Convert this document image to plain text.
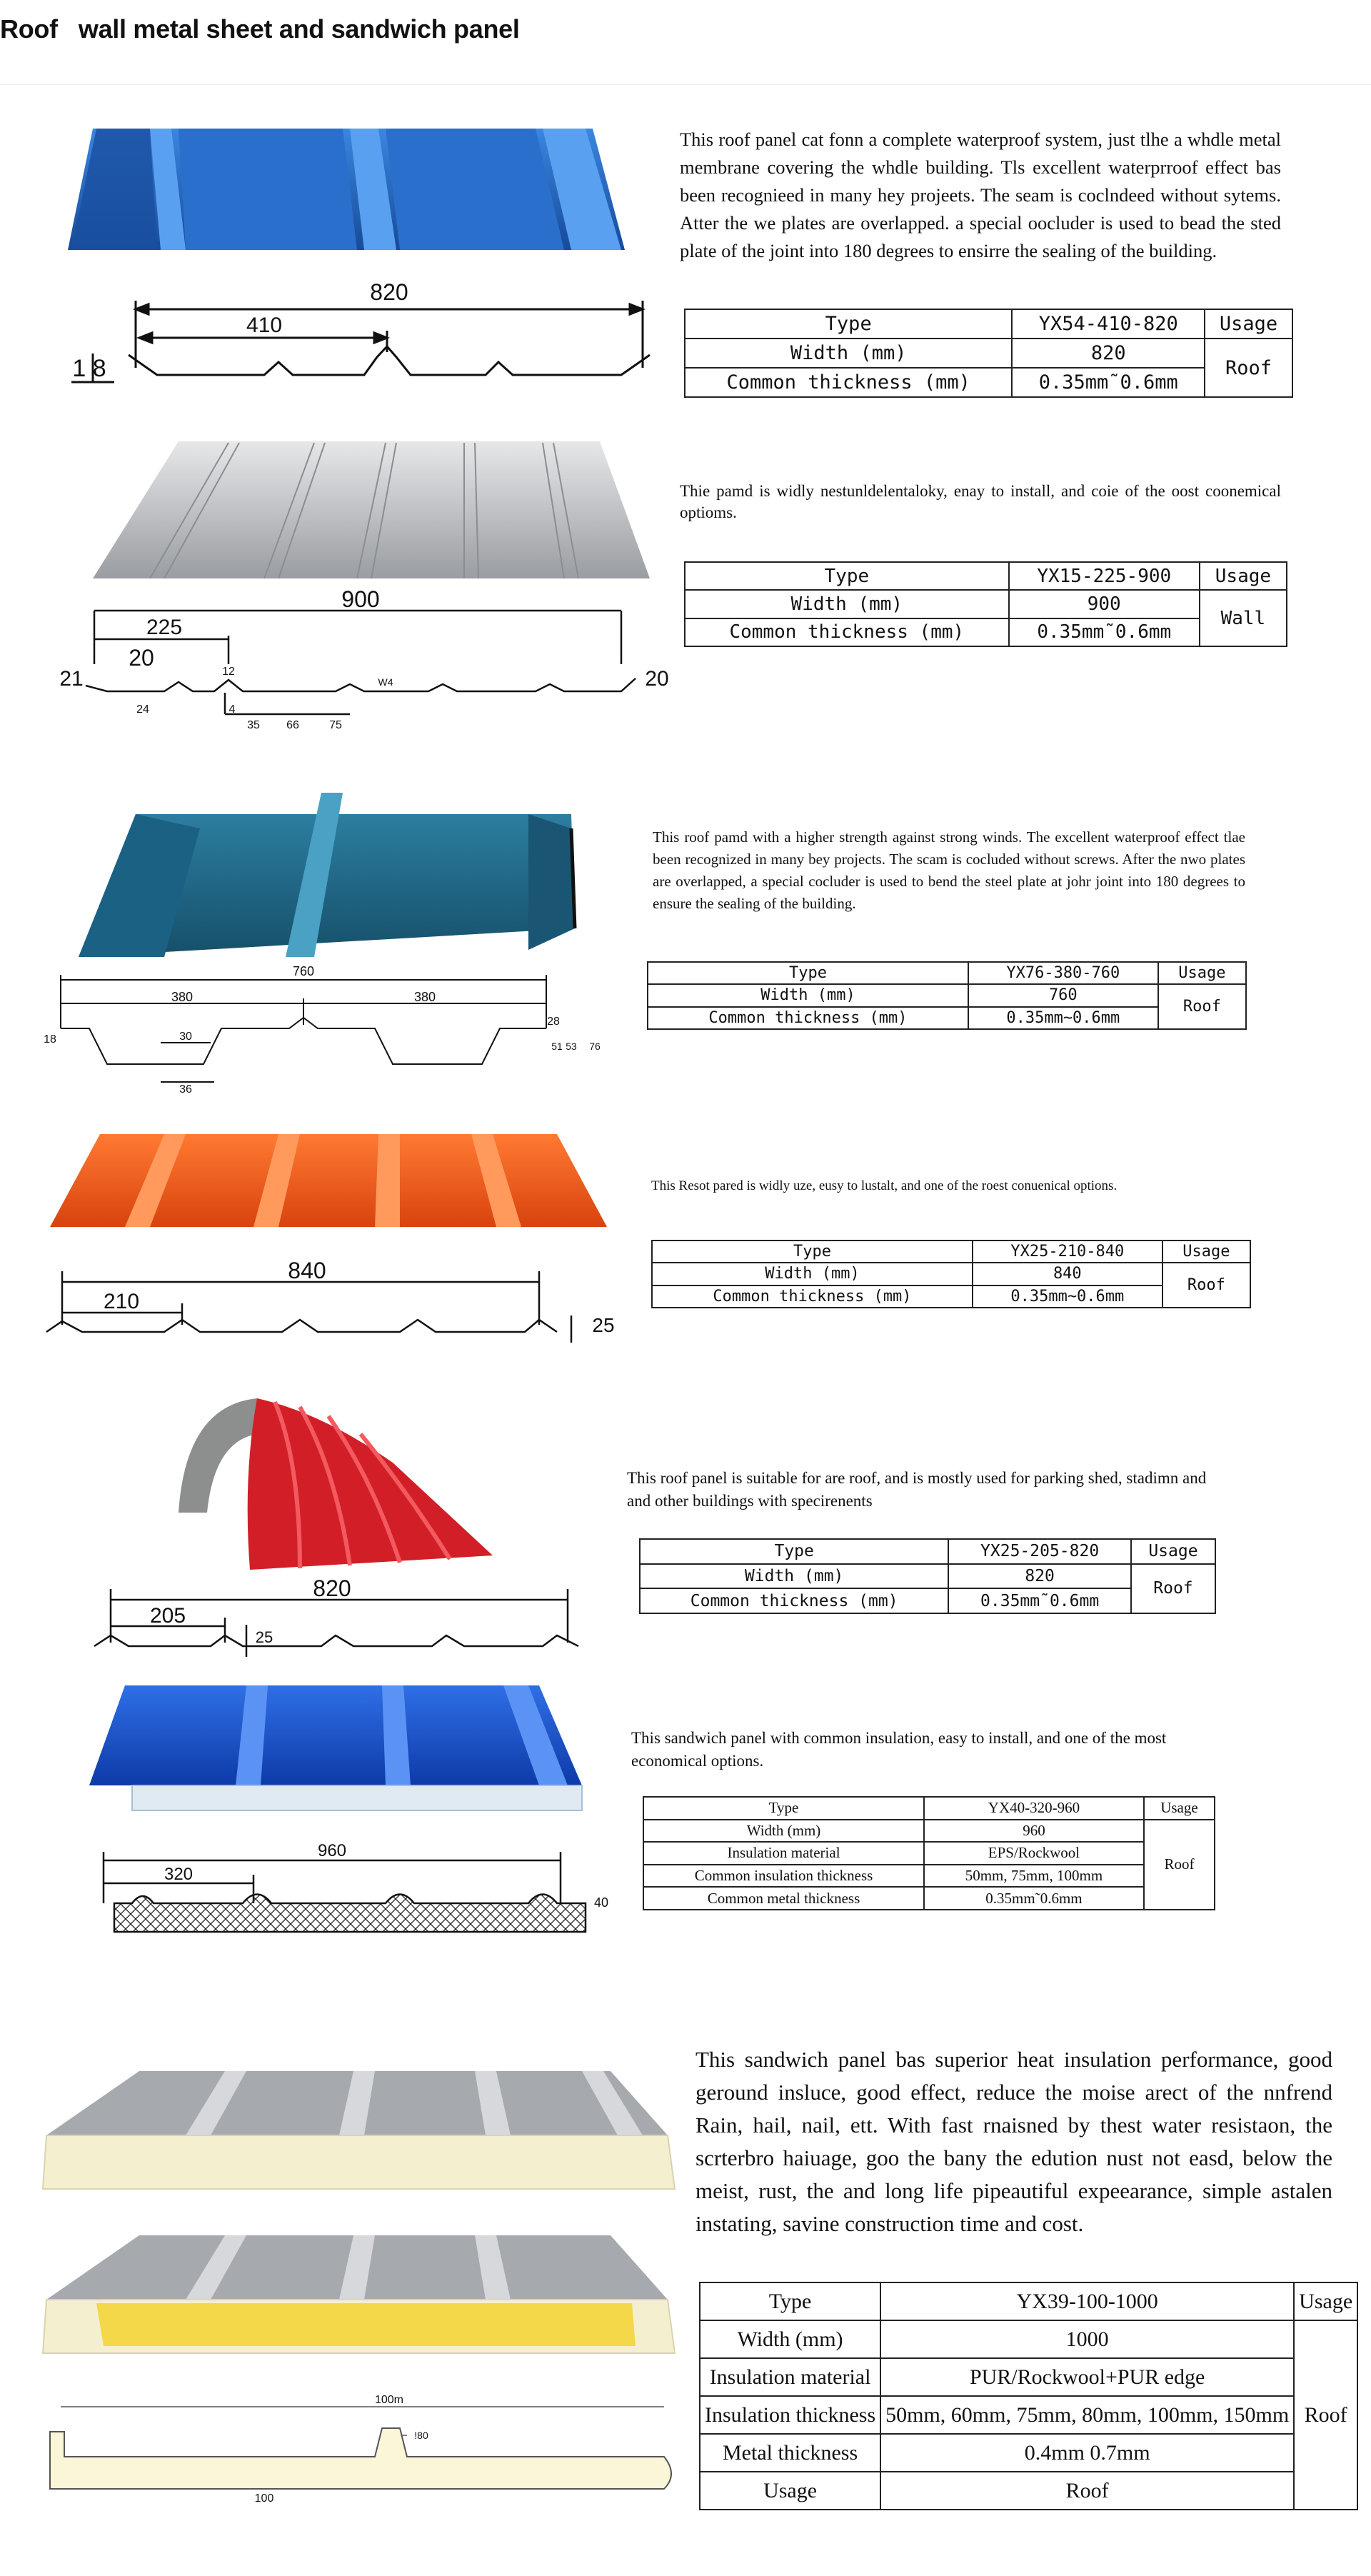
Roof   wall metal sheet and sandwich panel
820
410
1 8

This roof panel cat fonn a complete waterproof system, just tlhe a whdle metal membrane covering the whdle building. Tls excellent waterprroof effect bas been recognieed in many hey projeets. The seam is coclndeed without sytems. Atter the we plates are overlapped. a special oocluder is used to bead the sted plate of the joint into 180 degrees to ensirre the sealing of the building.

Type	YX54-410-820	Usage
Width (mm)	820	Roof
Common thickness (mm)	0.35mm˜0.6mm	
900
225
20
21	20
12
W4
24	4
35 66	75

Thie pamd is widly nestunldelentaloky, enay to install, and coie of the oost coonemical optioms.

Type	YX15-225-900	Usage
Width (mm)	900	Wall
Common thickness (mm)	0.35mm˜0.6mm	
760
380	380
30
36
28
18
51 53 76

This roof pamd with a higher strength against strong winds. The excellent waterproof effect tlae been recognized in many bey projects. The scam is cocluded without screws. After the nwo plates are overlapped, a special cocluder is used to bend the steel plate at johr joint into 180 degrees to ensure the sealing of the building.

Type	YX76-380-760	Usage
Width (mm)	760	Roof
Common thickness (mm)	0.35mm~0.6mm	
840
210
25

This Resot pared is widly uze, eusy to lustalt, and one of the roest conuenical options.

Type	YX25-210-840	Usage
Width (mm)	840	Roof
Common thickness (mm)	0.35mm~0.6mm	
820
205
25

This roof panel is suitable for are roof, and is mostly used for parking shed, stadimn and and other buildings with specirenents

Type	YX25-205-820	Usage
Width (mm)	820	Roof
Common thickness (mm)	0.35mm˜0.6mm	
960
320
40

This sandwich panel with common insulation, easy to install, and one of the most economical options.

Type	YX40-320-960	Usage
Width (mm)	960	Roof
Insulation material	EPS/Rockwool	
Common insulation thickness	50mm, 75mm, 100mm	
Common metal thickness	0.35mm˜0.6mm	
100m
!80
100

This sandwich panel bas superior heat insulation performance, good geround insluce, good effect, reduce the moise arect of the nnfrend Rain, hail, nail, ett. With fast rnaisned by thest water resistaon, the scrterbro haiuage, goo the bany the edution nust not easd, below the meist, rust, the and long life pipeautiful expeearance, simple astalen instating, savine construction time and cost.

Type	YX39-100-1000	Usage
Width (mm)	1000	Roof
Insulation material	PUR/Rockwool+PUR edge	
Insulation thickness	50mm, 60mm, 75mm, 80mm, 100mm, 150mm	
Metal thickness	0.4mm 0.7mm	
Usage	Roof	
